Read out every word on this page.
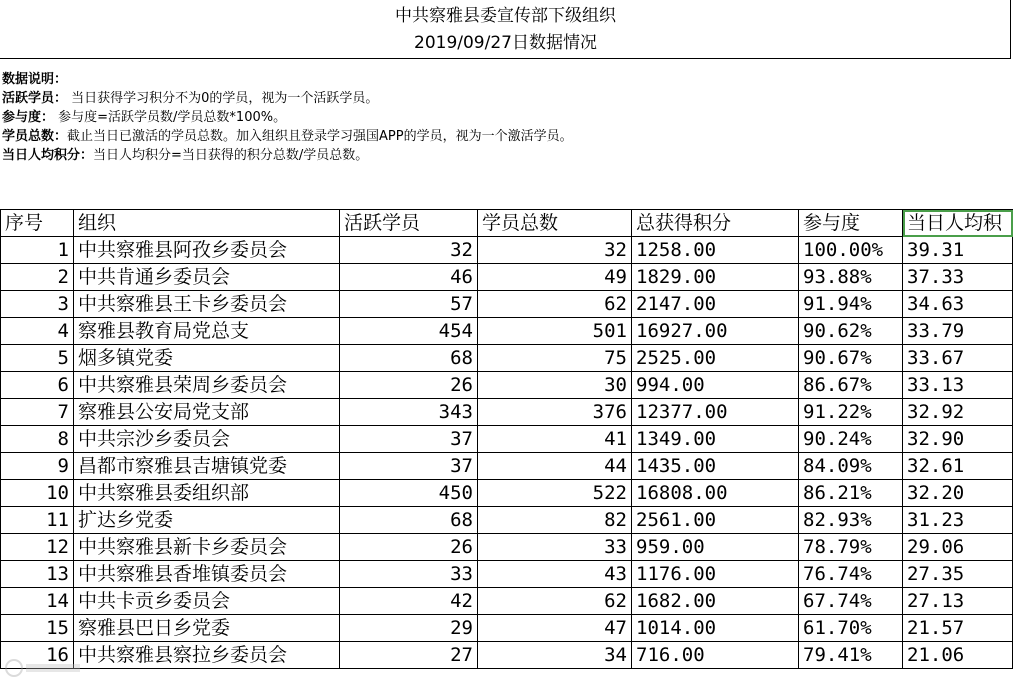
中共察雅县委宣传部下级组织
2019/09/27日数据情况
数据说明：
活跃学员： 当日获得学习积分不为0的学员，视为一个活跃学员。
参与度： 参与度=活跃学员数/学员总数*100%。
学员总数：截止当日已激活的学员总数。加入组织且登录学习强国APP的学员，视为一个激活学员。
当日人均积分：当日人均积分=当日获得的积分总数/学员总数。
序号	组织	活跃学员	学员总数	总获得积分	参与度	当日人均积
1	中共察雅县阿孜乡委员会	32	32	1258.00	100.00%	39.31
2	中共肯通乡委员会	46	49	1829.00	93.88%	37.33
3	中共察雅县王卡乡委员会	57	62	2147.00	91.94%	34.63
4	察雅县教育局党总支	454	501	16927.00	90.62%	33.79
5	烟多镇党委	68	75	2525.00	90.67%	33.67
6	中共察雅县荣周乡委员会	26	30	994.00	86.67%	33.13
7	察雅县公安局党支部	343	376	12377.00	91.22%	32.92
8	中共宗沙乡委员会	37	41	1349.00	90.24%	32.90
9	昌都市察雅县吉塘镇党委	37	44	1435.00	84.09%	32.61
10	中共察雅县委组织部	450	522	16808.00	86.21%	32.20
11	扩达乡党委	68	82	2561.00	82.93%	31.23
12	中共察雅县新卡乡委员会	26	33	959.00	78.79%	29.06
13	中共察雅县香堆镇委员会	33	43	1176.00	76.74%	27.35
14	中共卡贡乡委员会	42	62	1682.00	67.74%	27.13
15	察雅县巴日乡党委	29	47	1014.00	61.70%	21.57
16	中共察雅县察拉乡委员会	27	34	716.00	79.41%	21.06
